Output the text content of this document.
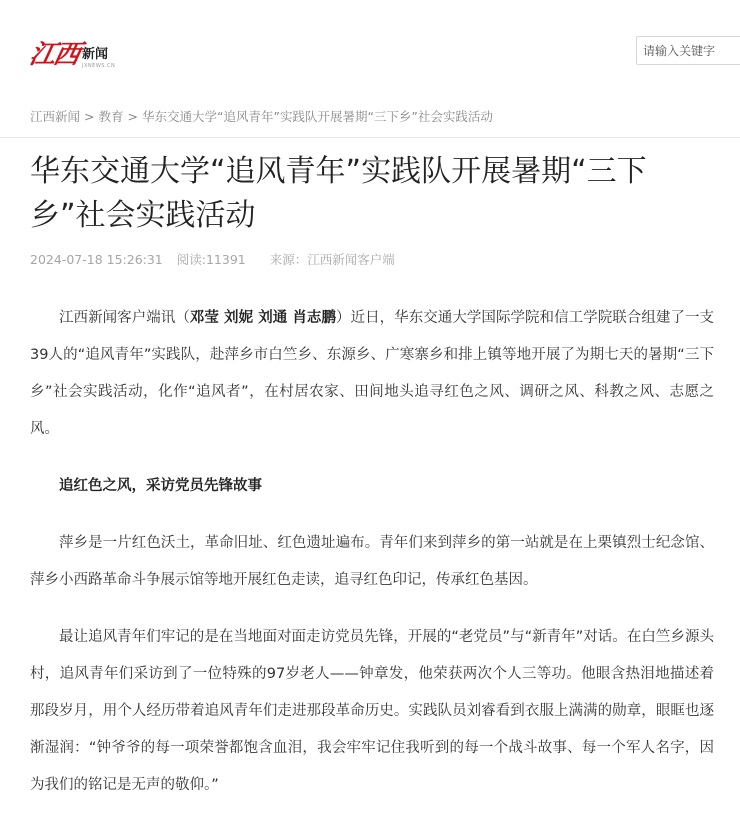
江西 新闻
JXNEWS.CN
请输入关键字
江西新闻 > 教育 > 华东交通大学“追风青年”实践队开展暑期“三下乡”社会实践活动
华东交通大学“追风青年”实践队开展暑期“三下乡”社会实践活动
2024-07-18 15:26:31 阅读:11391 来源：江西新闻客户端

江西新闻客户端讯（邓莹 刘妮 刘通 肖志鹏）近日，华东交通大学国际学院和信工学院联合组建了一支39人的“追风青年”实践队，赴萍乡市白竺乡、东源乡、广寒寨乡和排上镇等地开展了为期七天的暑期“三下乡”社会实践活动，化作“追风者”，在村居农家、田间地头追寻红色之风、调研之风、科教之风、志愿之风。

追红色之风，采访党员先锋故事

萍乡是一片红色沃土，革命旧址、红色遗址遍布。青年们来到萍乡的第一站就是在上栗镇烈士纪念馆、萍乡小西路革命斗争展示馆等地开展红色走读，追寻红色印记，传承红色基因。

最让追风青年们牢记的是在当地面对面走访党员先锋，开展的“老党员”与“新青年”对话。在白竺乡源头村，追风青年们采访到了一位特殊的97岁老人——钟章发，他荣获两次个人三等功。他眼含热泪地描述着那段岁月，用个人经历带着追风青年们走进那段革命历史。实践队员刘睿看到衣服上满满的勋章，眼眶也逐渐湿润：“钟爷爷的每一项荣誉都饱含血泪，我会牢牢记住我听到的每一个战斗故事、每一个军人名字，因为我们的铭记是无声的敬仰。”
